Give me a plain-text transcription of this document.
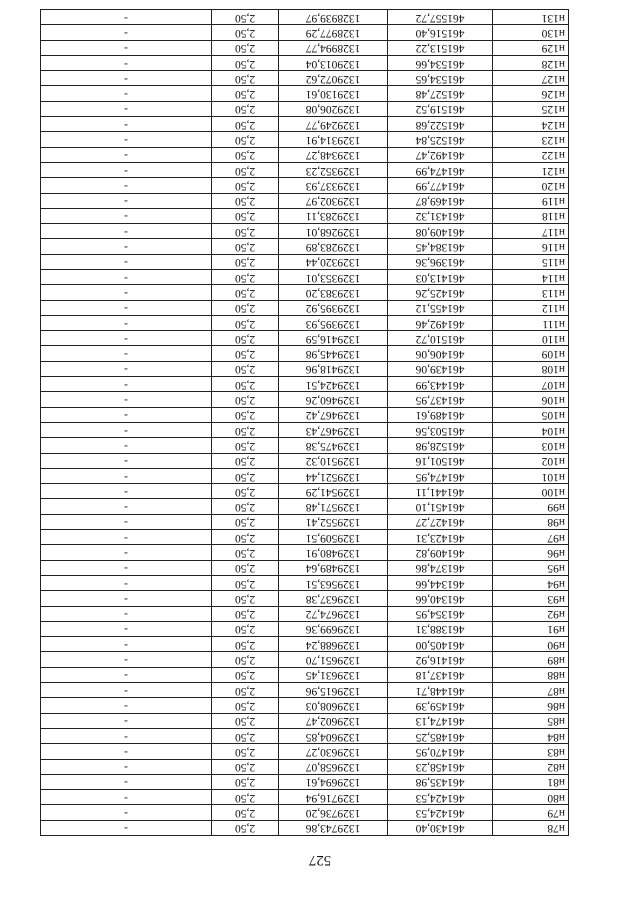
527
н78	461430,40	1329743,86	2,50	-
н79	461424,53	1329736,20	2,50	-
н80	461424,53	1329716,94	2,50	-
н81	461435,98	1329694,61	2,50	-
н82	461458,23	1329658,07	2,50	-
н83	461470,95	1329630,27	2,50	-
н84	461485,25	1329604,85	2,50	-
н85	461474,13	1329602,47	2,50	-
н86	461459,39	1329608,03	2,50	-
н87	461448,71	1329615,96	2,50	-
н88	461437,18	1329631,45	2,50	-
н89	461416,92	1329651,70	2,50	-
н90	461405,00	1329688,24	2,50	-
н91	461388,31	1329699,36	2,50	-
н92	461354,95	1329674,72	2,50	-
н93	461340,66	1329637,38	2,50	-
н94	461344,66	1329563,51	2,50	-
н95	461374,86	1329489,64	2,50	-
н96	461409,82	1329480,91	2,50	-
н97	461423,31	1329509,51	2,50	-
н98	461427,27	1329552,41	2,50	-
н99	461451,10	1329571,48	2,50	-
н100	461441,11	1329541,29	2,50	-
н101	461474,95	1329521,44	2,50	-
н102	461501,16	1329510,32	2,50	-
н103	461528,98	1329475,38	2,50	-
н104	461503,56	1329467,43	2,50	-
н105	461489,61	1329467,42	2,50	-
н106	461437,95	1329460,26	2,50	-
н107	461443,99	1329424,51	2,50	-
н108	461439,06	1329418,96	2,50	-
н109	461406,06	1329445,98	2,50	-
н110	461510,72	1329416,59	2,50	-
н111	461492,46	1329395,93	2,50	-
н112	461455,12	1329395,92	2,50	-
н113	461425,26	1329383,20	2,50	-
н114	461413,03	1329353,01	2,50	-
н115	461396,36	1329320,44	2,50	-
н116	461384,45	1329283,89	2,50	-
н117	461409,08	1329268,01	2,50	-
н118	461431,32	1329283,11	2,50	-
н119	461469,87	1329302,97	2,50	-
н120	461477,99	1329337,93	2,50	-
н121	461474,99	1329352,23	2,50	-
н122	461492,47	1329348,27	2,50	-
н123	461525,84	1329314,91	2,50	-
н124	461522,68	1329249,77	2,50	-
н125	461519,52	1329206,08	2,50	-
н126	461527,48	1329130,61	2,50	-
н127	461534,65	1329072,62	2,50	-
н128	461534,66	1329013,04	2,50	-
н129	461513,22	1328994,77	2,50	-
н130	461516,40	1328977,29	2,50	-
н131	461557,72	1328939,97	2,50	-
